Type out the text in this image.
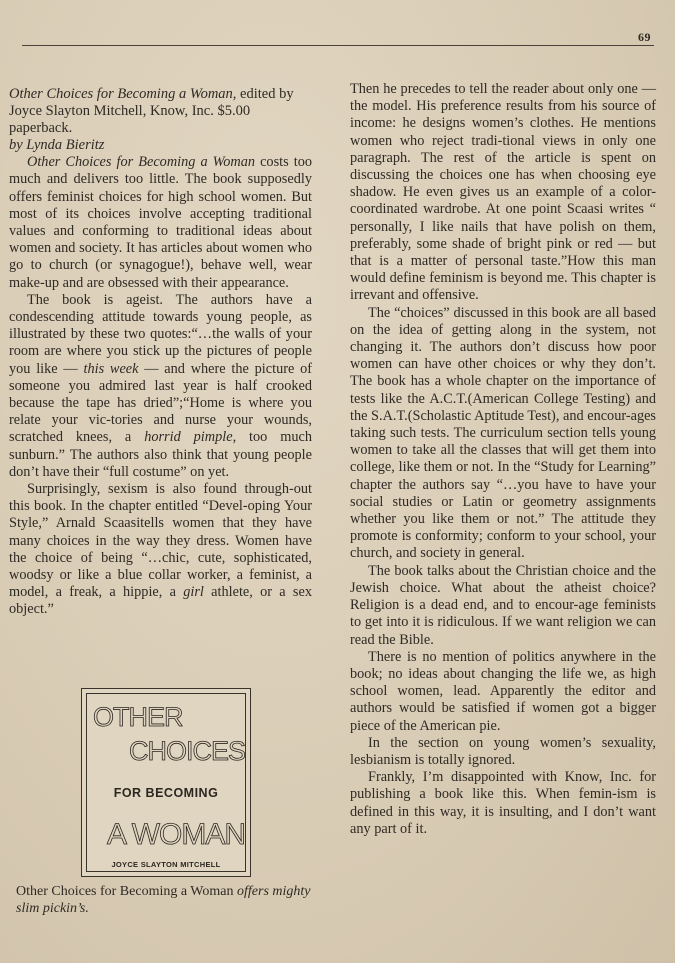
69

Other Choices for Becoming a Woman, edited by Joyce Slayton Mitchell, Know, Inc. $5.00 paperback.

by Lynda Bieritz

Other Choices for Becoming a Woman costs too much and delivers too little. The book supposedly offers feminist choices for high school women. But most of its choices involve accepting traditional values and conforming to traditional ideas about women and society. It has articles about women who go to church (or synagogue!), behave well, wear make-up and are obsessed with their appearance.

The book is ageist. The authors have a condescending attitude towards young people, as illustrated by these two quotes:“…the walls of your room are where you stick up the pictures of people you like — this week — and where the picture of someone you admired last year is half crooked because the tape has dried”;“Home is where you relate your vic-tories and nurse your wounds, scratched knees, a horrid pimple, too much sunburn.” The authors also think that young people don’t have their “full costume” on yet.

Surprisingly, sexism is also found through-out this book. In the chapter entitled “Devel-oping Your Style,” Arnald Scaasitells women that they have many choices in the way they dress. Women have the choice of being “…chic, cute, sophisticated, woodsy or like a blue collar worker, a feminist, a model, a freak, a hippie, a girl athlete, or a sex object.”

OTHER
CHOICES
FOR BECOMING
A WOMAN
JOYCE SLAYTON MITCHELL
Other Choices for Becoming a Woman offers mighty slim pickin’s.

Then he precedes to tell the reader about only one — the model. His preference results from his source of income: he designs women’s clothes. He mentions women who reject tradi-tional views in only one paragraph. The rest of the article is spent on discussing the choices one has when choosing eye shadow. He even gives us an example of a color-coordinated wardrobe. At one point Scaasi writes “ personally, I like nails that have polish on them, preferably, some shade of bright pink or red — but that is a matter of personal taste.”How this man would define feminism is beyond me. This chapter is irrevant and offensive.

The “choices” discussed in this book are all based on the idea of getting along in the system, not changing it. The authors don’t discuss how poor women can have other choices or why they don’t. The book has a whole chapter on the importance of tests like the A.C.T.(American College Testing) and the S.A.T.(Scholastic Aptitude Test), and encour-ages taking such tests. The curriculum section tells young women to take all the classes that will get them into college, like them or not. In the “Study for Learning” chapter the authors say “…you have to have your social studies or Latin or geometry assignments whether you like them or not.” The attitude they promote is conformity; conform to your school, your church, and society in general.

The book talks about the Christian choice and the Jewish choice. What about the atheist choice? Religion is a dead end, and to encour-age feminists to get into it is ridiculous. If we want religion we can read the Bible.

There is no mention of politics anywhere in the book; no ideas about changing the life we, as high school women, lead. Apparently the editor and authors would be satisfied if women got a bigger piece of the American pie.

In the section on young women’s sexuality, lesbianism is totally ignored.

Frankly, I’m disappointed with Know, Inc. for publishing a book like this. When femin-ism is defined in this way, it is insulting, and I don’t want any part of it.
